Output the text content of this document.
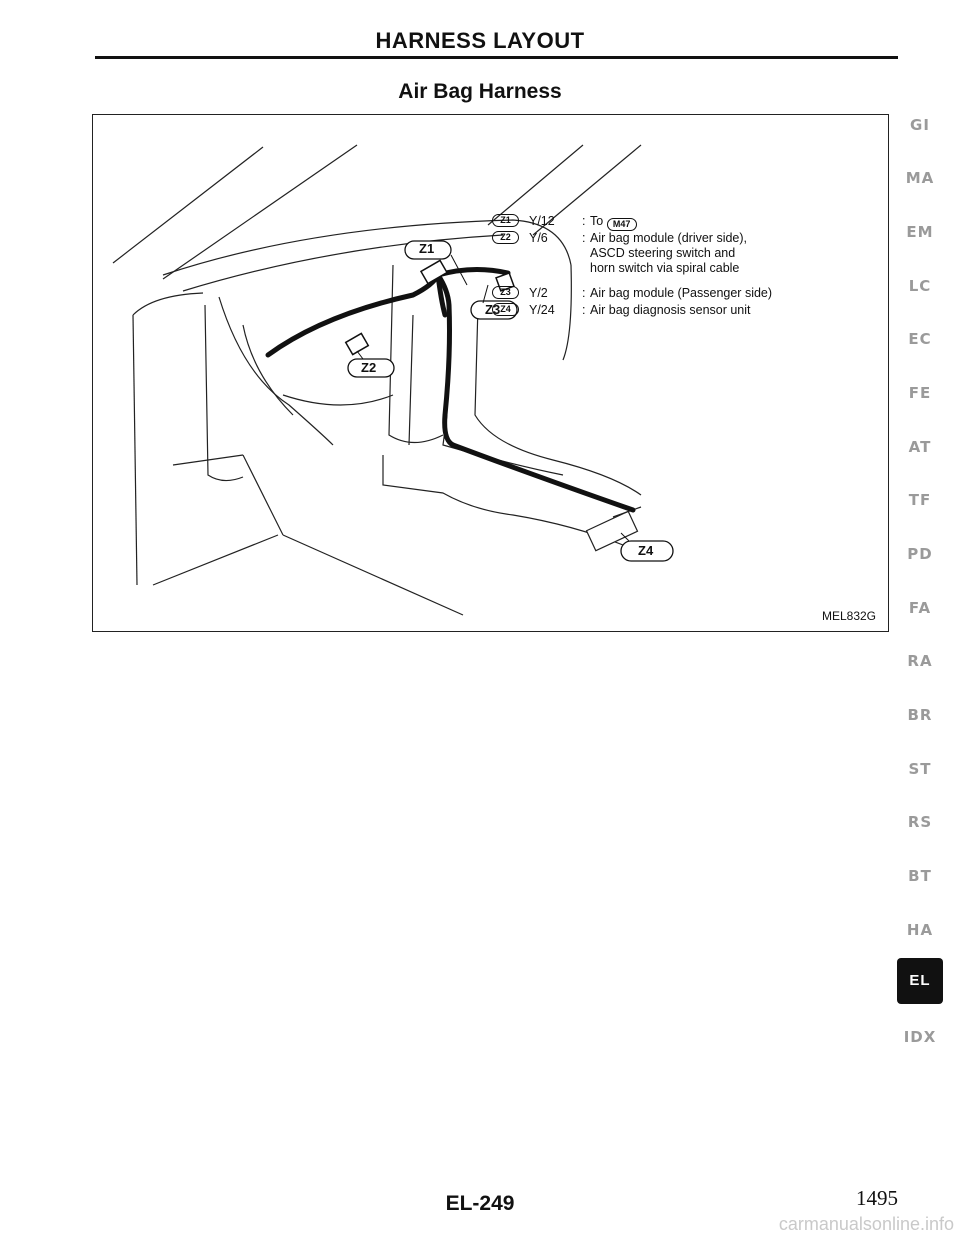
HARNESS LAYOUT
Air Bag Harness
Z1
Z2
Z3
Z4
MEL832G
Z1	Y/12 : To M47
Z2	Y/6	: Air bag module (driver side),
ASCD steering switch and
horn switch via spiral cable
Z3	Y/2	: Air bag module (Passenger side)
Z4	Y/24 : Air bag diagnosis sensor unit
GI
MA
EM
LC
EC
FE
AT
TF
PD
FA
RA
BR
ST
RS
BT
HA
EL
IDX
EL-249	1495
carmanualsonline.info
